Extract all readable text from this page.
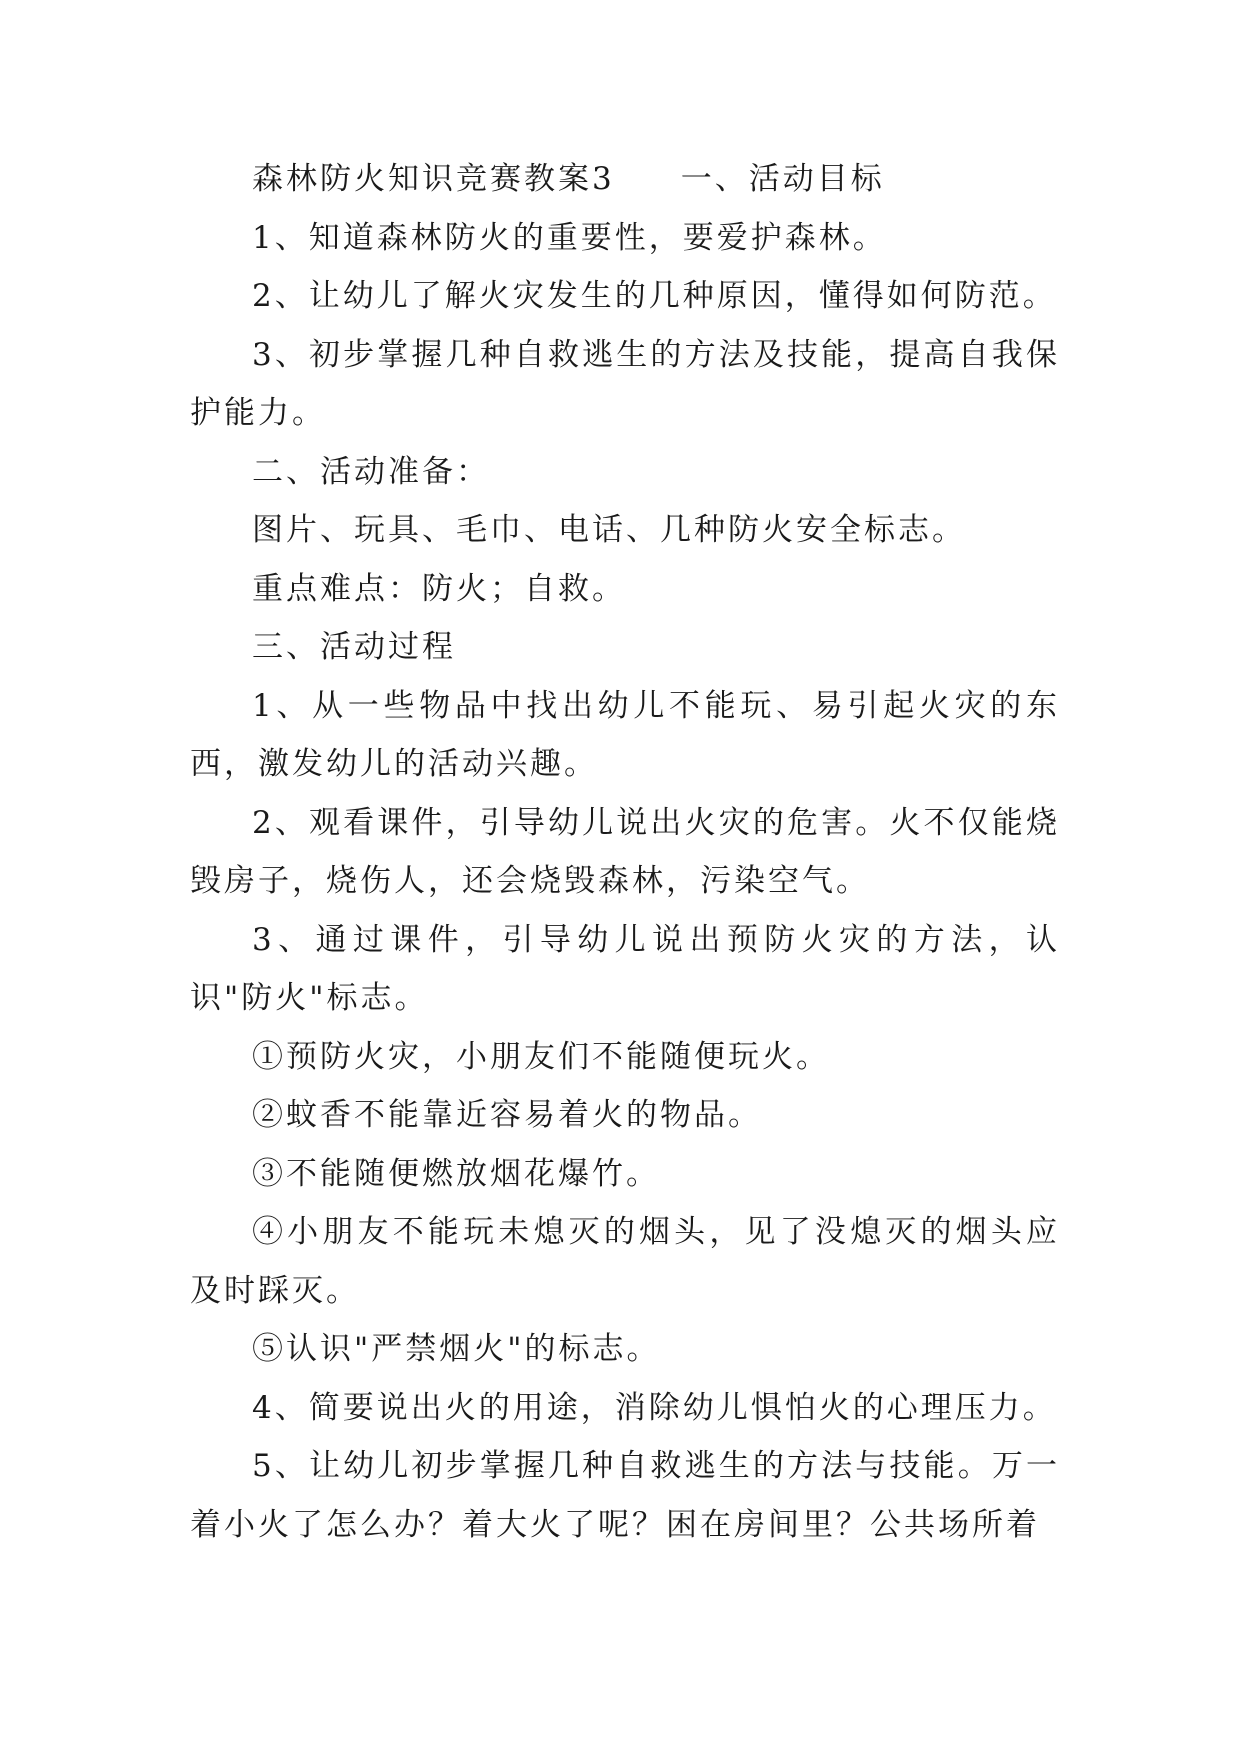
森林防火知识竞赛教案3 一、活动目标

1、知道森林防火的重要性，要爱护森林。

2、让幼儿了解火灾发生的几种原因，懂得如何防范。

3、初步掌握几种自救逃生的方法及技能，提高自我保护能力。

二、活动准备：

图片、玩具、毛巾、电话、几种防火安全标志。

重点难点：防火；自救。

三、活动过程

1、从一些物品中找出幼儿不能玩、易引起火灾的东西，激发幼儿的活动兴趣。

2、观看课件，引导幼儿说出火灾的危害。火不仅能烧毁房子，烧伤人，还会烧毁森林，污染空气。

3、通过课件，引导幼儿说出预防火灾的方法，认识"防火"标志。

①预防火灾，小朋友们不能随便玩火。

②蚊香不能靠近容易着火的物品。

③不能随便燃放烟花爆竹。

④小朋友不能玩未熄灭的烟头，见了没熄灭的烟头应及时踩灭。

⑤认识"严禁烟火"的标志。

4、简要说出火的用途，消除幼儿惧怕火的心理压力。

5、让幼儿初步掌握几种自救逃生的方法与技能。万一着小火了怎么办？着大火了呢？困在房间里？公共场所着
